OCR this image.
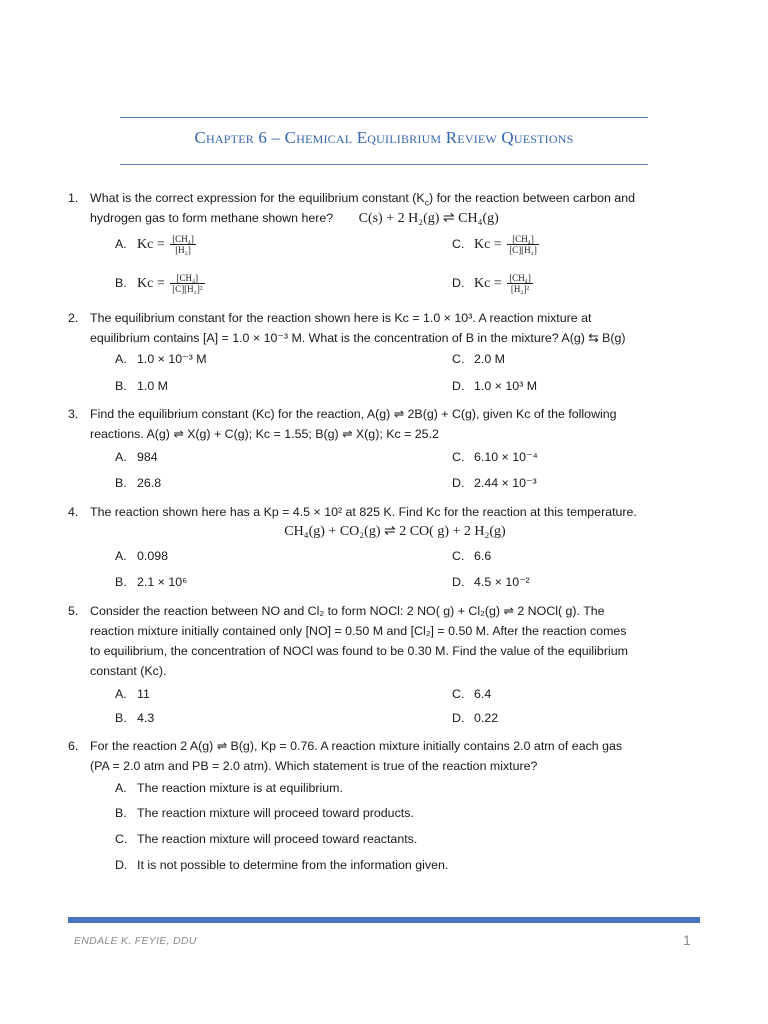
Chapter 6 – Chemical Equilibrium Review Questions
1. What is the correct expression for the equilibrium constant $(K_c)$ for the reaction between carbon and
hydrogen gas to form methane shown here? C(s) + 2 H₂(g) ⇌ CH₄(g)
A. $Kc = \frac{\text{[CH₄]}}{\text{[H₂]}}$
B. $Kc = \frac{\text{[CH₄]}}{\text{[C][H₂]²}}$
C. $Kc = \frac{\text{[CH₄]}}{\text{[C][H₂]}}$
D. $Kc = \frac{\text{[CH₄]}}{\text{[H₂]²}}$
2. The equilibrium constant for the reaction shown here is Kc = 1.0 × 10³. A reaction mixture at
equilibrium contains [A] = 1.0 × 10⁻³ M. What is the concentration of B in the mixture? A(g) ⇆ B(g)
A. 1.0 × 10⁻³ M
B. 1.0 M
C. 2.0 M
D. 1.0 × 10³ M
3. Find the equilibrium constant (Kc) for the reaction, A(g) ⇌ 2B(g) + C(g), given Kc of the following
reactions. A(g) ⇌ X(g) + C(g); Kc = 1.55; B(g) ⇌ X(g); Kc = 25.2
A. 984
B. 26.8
C. 6.10 × 10⁻⁴
D. 2.44 × 10⁻³
4. The reaction shown here has a Kp = 4.5 × 10² at 825 K. Find Kc for the reaction at this temperature.
CH₄(g) + CO₂(g) ⇌ 2 CO( g) + 2 H₂(g)
A. 0.098
B. 2.1 × 10⁶
C. 6.6
D. 4.5 × 10⁻²
5. Consider the reaction between NO and Cl₂ to form NOCl: 2 NO( g) + Cl₂(g) ⇌ 2 NOCl( g). The
reaction mixture initially contained only [NO] = 0.50 M and [Cl₂] = 0.50 M. After the reaction comes
to equilibrium, the concentration of NOCl was found to be 0.30 M. Find the value of the equilibrium
constant (Kc).
A. 11
B. 4.3
C. 6.4
D. 0.22
6. For the reaction 2 A(g) ⇌ B(g), Kp = 0.76. A reaction mixture initially contains 2.0 atm of each gas
(PA = 2.0 atm and PB = 2.0 atm). Which statement is true of the reaction mixture?
A. The reaction mixture is at equilibrium.
B. The reaction mixture will proceed toward products.
C. The reaction mixture will proceed toward reactants.
D. It is not possible to determine from the information given.
ENDALE K. FEYIE, DDU	1
